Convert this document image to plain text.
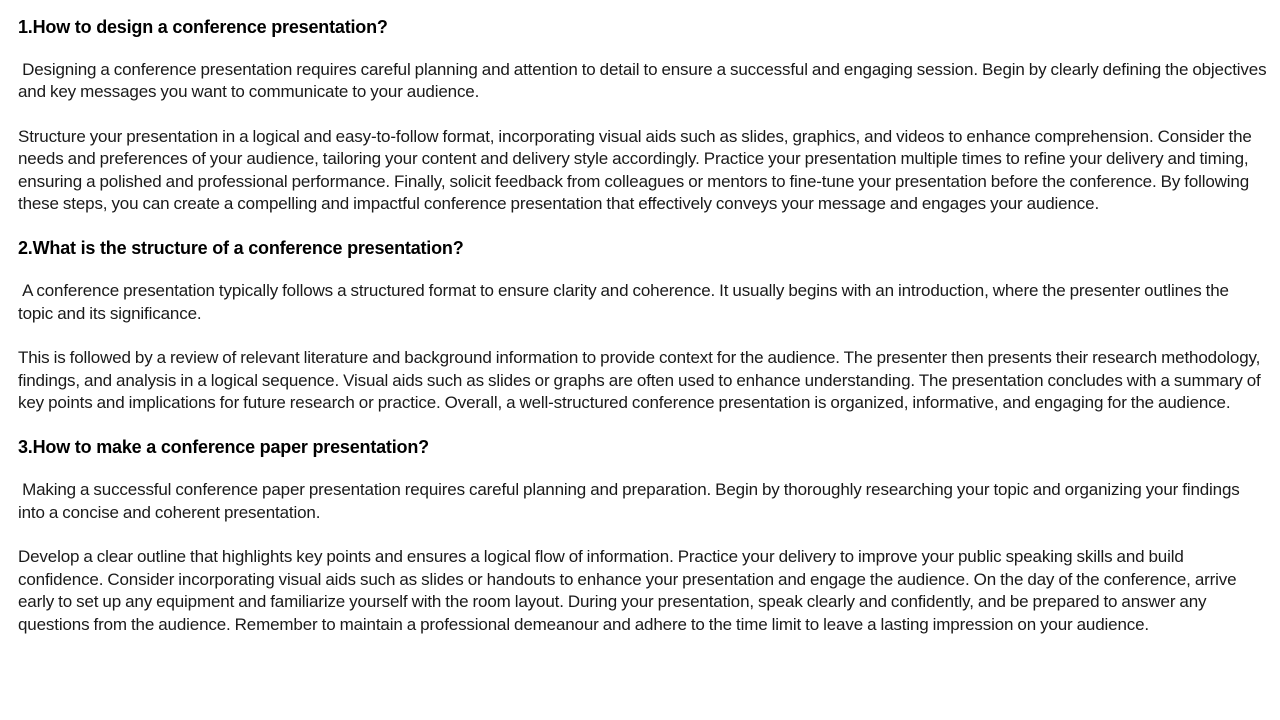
1.How to design a conference presentation?

Designing a conference presentation requires careful planning and attention to detail to ensure a successful and engaging session. Begin by clearly defining the objectives and key messages you want to communicate to your audience.

Structure your presentation in a logical and easy-to-follow format, incorporating visual aids such as slides, graphics, and videos to enhance comprehension. Consider the needs and preferences of your audience, tailoring your content and delivery style accordingly. Practice your presentation multiple times to refine your delivery and timing, ensuring a polished and professional performance. Finally, solicit feedback from colleagues or mentors to fine-tune your presentation before the conference. By following these steps, you can create a compelling and impactful conference presentation that effectively conveys your message and engages your audience.

2.What is the structure of a conference presentation?

A conference presentation typically follows a structured format to ensure clarity and coherence. It usually begins with an introduction, where the presenter outlines the topic and its significance.

This is followed by a review of relevant literature and background information to provide context for the audience. The presenter then presents their research methodology, findings, and analysis in a logical sequence. Visual aids such as slides or graphs are often used to enhance understanding. The presentation concludes with a summary of key points and implications for future research or practice. Overall, a well-structured conference presentation is organized, informative, and engaging for the audience.

3.How to make a conference paper presentation?

Making a successful conference paper presentation requires careful planning and preparation. Begin by thoroughly researching your topic and organizing your findings into a concise and coherent presentation.

Develop a clear outline that highlights key points and ensures a logical flow of information. Practice your delivery to improve your public speaking skills and build confidence. Consider incorporating visual aids such as slides or handouts to enhance your presentation and engage the audience. On the day of the conference, arrive early to set up any equipment and familiarize yourself with the room layout. During your presentation, speak clearly and confidently, and be prepared to answer any questions from the audience. Remember to maintain a professional demeanour and adhere to the time limit to leave a lasting impression on your audience.
